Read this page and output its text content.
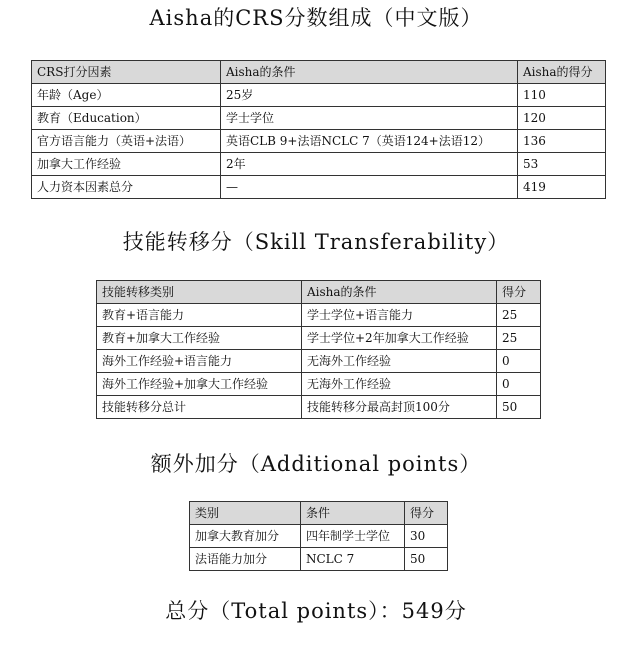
Aisha的CRS分数组成（中文版）
CRS打分因素	Aisha的条件	Aisha的得分
年龄（Age）	25岁	110
教育（Education）	学士学位	120
官方语言能力（英语+法语）	英语CLB 9+法语NCLC 7（英语124+法语12）	136
加拿大工作经验	2年	53
人力资本因素总分	—	419
技能转移分（Skill Transferability）
技能转移类别	Aisha的条件	得分
教育+语言能力	学士学位+语言能力	25
教育+加拿大工作经验	学士学位+2年加拿大工作经验	25
海外工作经验+语言能力	无海外工作经验	0
海外工作经验+加拿大工作经验	无海外工作经验	0
技能转移分总计	技能转移分最高封顶100分	50
额外加分（Additional points）
类别	条件	得分
加拿大教育加分	四年制学士学位	30
法语能力加分	NCLC 7	50
总分（Total points）：549分
